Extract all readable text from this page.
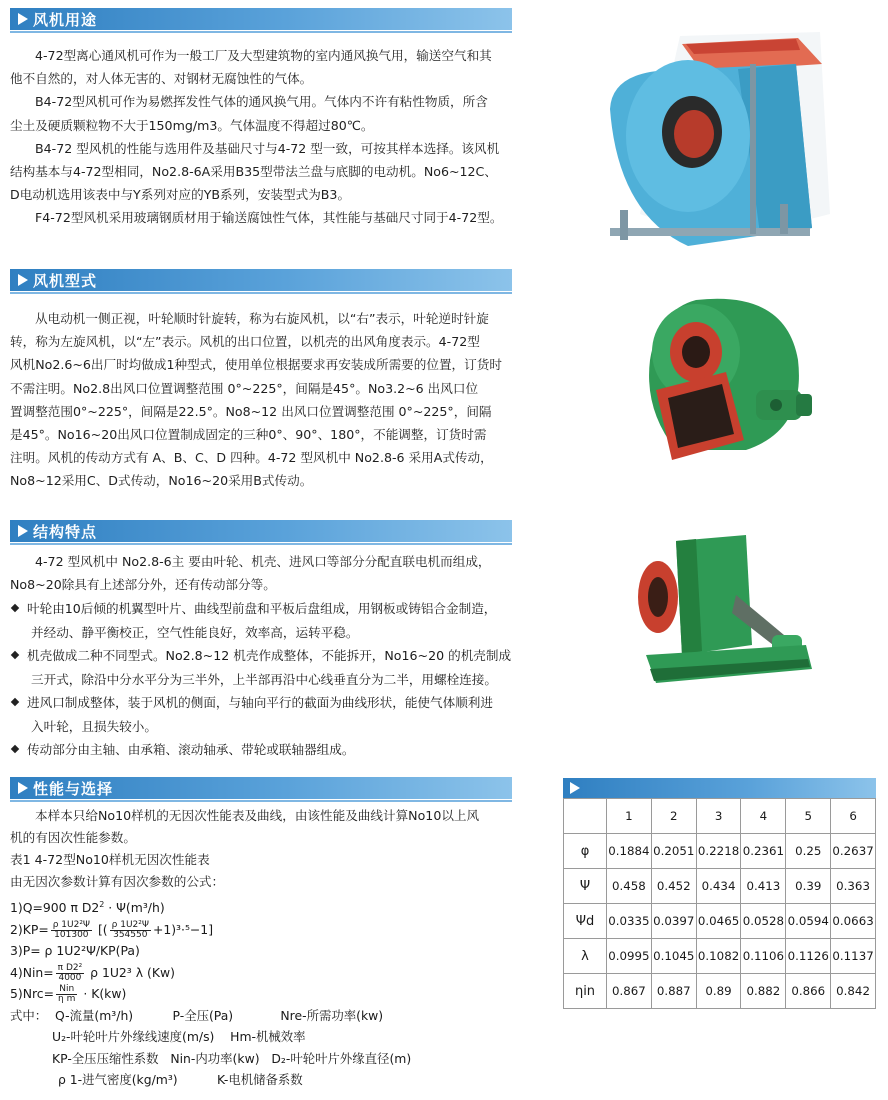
风机用途

4-72型离心通风机可作为一般工厂及大型建筑物的室内通风换气用，输送空气和其

他不自然的，对人体无害的、对钢材无腐蚀性的气体。

B4-72型风机可作为易燃挥发性气体的通风换气用。气体内不许有粘性物质，所含

尘土及硬质颗粒物不大于150mg/m3。气体温度不得超过80℃。

B4-72 型风机的性能与选用件及基础尺寸与4-72 型一致，可按其样本选择。该风机

结构基本与4-72型相同，No2.8-6A采用B35型带法兰盘与底脚的电动机。No6~12C、

D电动机选用该表中与Y系列对应的YB系列，安装型式为B3。

F4-72型风机采用玻璃钢质材用于输送腐蚀性气体，其性能与基础尺寸同于4-72型。

风机型式

从电动机一侧正视，叶轮顺时针旋转，称为右旋风机，以“右”表示，叶轮逆时针旋

转，称为左旋风机，以“左”表示。风机的出口位置，以机壳的出风角度表示。4-72型

风机No2.6~6出厂时均做成1种型式，使用单位根据要求再安装成所需要的位置，订货时

不需注明。No2.8出风口位置调整范围 0°~225°，间隔是45°。No3.2~6 出风口位

置调整范围0°~225°，间隔是22.5°。No8~12 出风口位置调整范围 0°~225°，间隔

是45°。No16~20出风口位置制成固定的三种0°、90°、180°，不能调整，订货时需

注明。风机的传动方式有 A、B、C、D 四种。4-72 型风机中 No2.8-6 采用A式传动，

No8~12采用C、D式传动，No16~20采用B式传动。

结构特点

4-72 型风机中 No2.8-6主 要由叶轮、机壳、进风口等部分分配直联电机而组成，

No8~20除具有上述部分外，还有传动部分等。

叶轮由10后倾的机翼型叶片、曲线型前盘和平板后盘组成，用钢板或铸铝合金制造，
并经动、静平衡校正，空气性能良好，效率高，运转平稳。
机壳做成二种不同型式。No2.8~12 机壳作成整体，不能拆开，No16~20 的机壳制成
三开式，除沿中分水平分为三半外，上半部再沿中心线垂直分为二半，用螺栓连接。
进风口制成整体，装于风机的侧面，与轴向平行的截面为曲线形状，能使气体顺利进
入叶轮，且损失较小。
传动部分由主轴、由承箱、滚动轴承、带轮或联轴器组成。
性能与选择

本样本只给No10样机的无因次性能表及曲线，由该性能及曲线计算No10以上风

机的有因次性能参数。

表1 4-72型No10样机无因次性能表

由无因次参数计算有因次参数的公式：

1)Q=900 π $D2^2 \cdot \Psi(m^3/h)$
$2)KP= \frac{\text{ρ 1U2²Ψ}}{101300}$ [( $\frac{\text{ρ 1U2²Ψ}}{354550} +1)^3\cdot^5-1$]
3)P= ρ 1U2²Ψ/KP(Pa)
$4)Nin= \frac{\text{π D2²}}{4000}$ ρ 1U2³ λ (Kw)
$5)Nrc= \frac{\text{Nin}}{\text{η m}} \cdot K(kw)$
式中：  Q-流量(m³/h)          P-全压(Pa)            Nre-所需功率(kw)
U₂-叶轮叶片外缘线速度(m/s)    Hm-机械效率
KP-全压压缩性系数   Nin-内功率(kw)   D₂-叶轮叶片外缘直径(m)
ρ 1-进气密度(kg/m³)          K-电机储备系数
	1	2	3	4	5	6
φ	0.1884	0.2051	0.2218	0.2361	0.25	0.2637
Ψ	0.458	0.452	0.434	0.413	0.39	0.363
Ψd	0.0335	0.0397	0.0465	0.0528	0.0594	0.0663
λ	0.0995	0.1045	0.1082	0.1106	0.1126	0.1137
ηin	0.867	0.887	0.89	0.882	0.866	0.842
